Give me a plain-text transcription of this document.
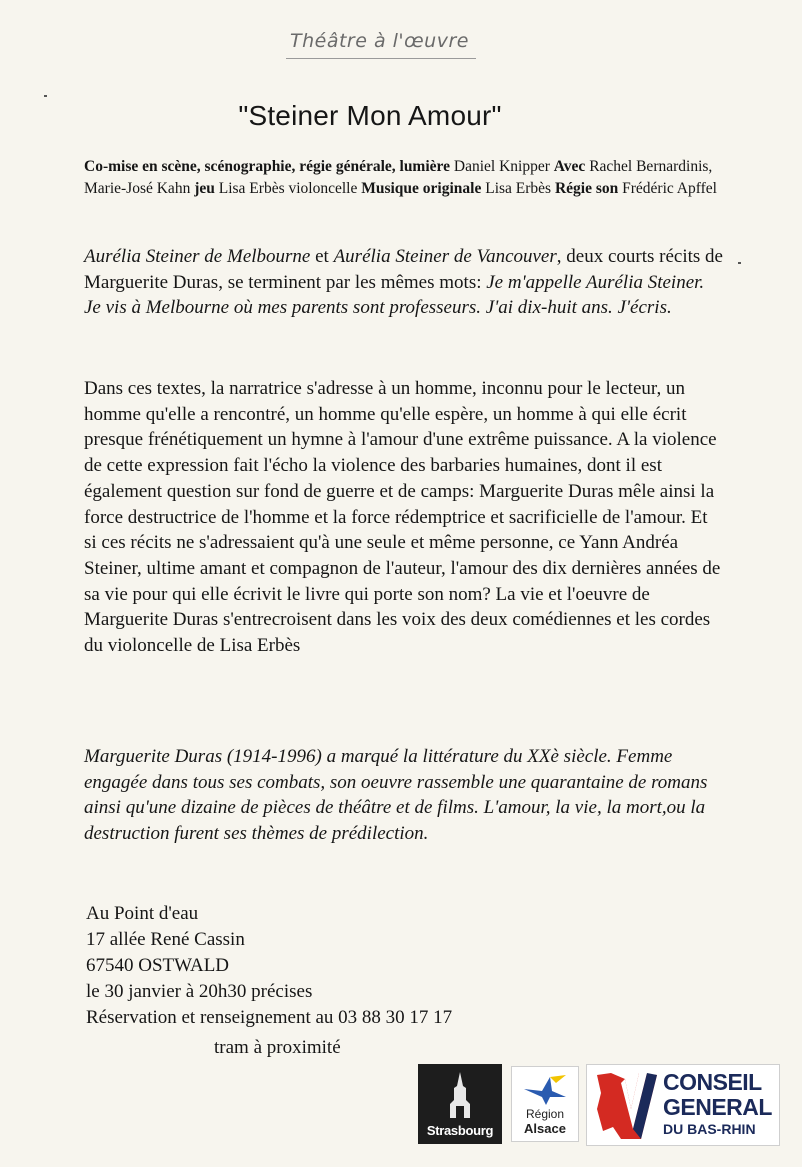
Théâtre à l'œuvre
"Steiner Mon Amour"
Co-mise en scène, scénographie, régie générale, lumière Daniel Knipper Avec Rachel Bernardinis, Marie-José Kahn jeu Lisa Erbès violoncelle Musique originale Lisa Erbès Régie son Frédéric Apffel
Aurélia Steiner de Melbourne et Aurélia Steiner de Vancouver, deux courts récits de Marguerite Duras, se terminent par les mêmes mots: Je m'appelle Aurélia Steiner. Je vis à Melbourne où mes parents sont professeurs. J'ai dix-huit ans. J'écris.
Dans ces textes, la narratrice s'adresse à un homme, inconnu pour le lecteur, un homme qu'elle a rencontré, un homme qu'elle espère, un homme à qui elle écrit presque frénétiquement un hymne à l'amour d'une extrême puissance. A la violence de cette expression fait l'écho la violence des barbaries humaines, dont il est également question sur fond de guerre et de camps: Marguerite Duras mêle ainsi la force destructrice de l'homme et la force rédemptrice et sacrificielle de l'amour. Et si ces récits ne s'adressaient qu'à une seule et même personne, ce Yann Andréa Steiner, ultime amant et compagnon de l'auteur, l'amour des dix dernières années de sa vie pour qui elle écrivit le livre qui porte son nom? La vie et l'oeuvre de Marguerite Duras s'entrecroisent dans les voix des deux comédiennes et les cordes du violoncelle de Lisa Erbès
Marguerite Duras (1914-1996) a marqué la littérature du XXè siècle. Femme engagée dans tous ses combats, son oeuvre rassemble une quarantaine de romans ainsi qu'une dizaine de pièces de théâtre et de films. L'amour, la vie, la mort,ou la destruction furent ses thèmes de prédilection.
Au Point d'eau
17 allée René Cassin
67540 OSTWALD
le 30 janvier à 20h30 précises
Réservation et renseignement au 03 88 30 17 17
tram à proximité
Strasbourg
Région
Alsace
CONSEIL
GENERAL
DU BAS-RHIN
